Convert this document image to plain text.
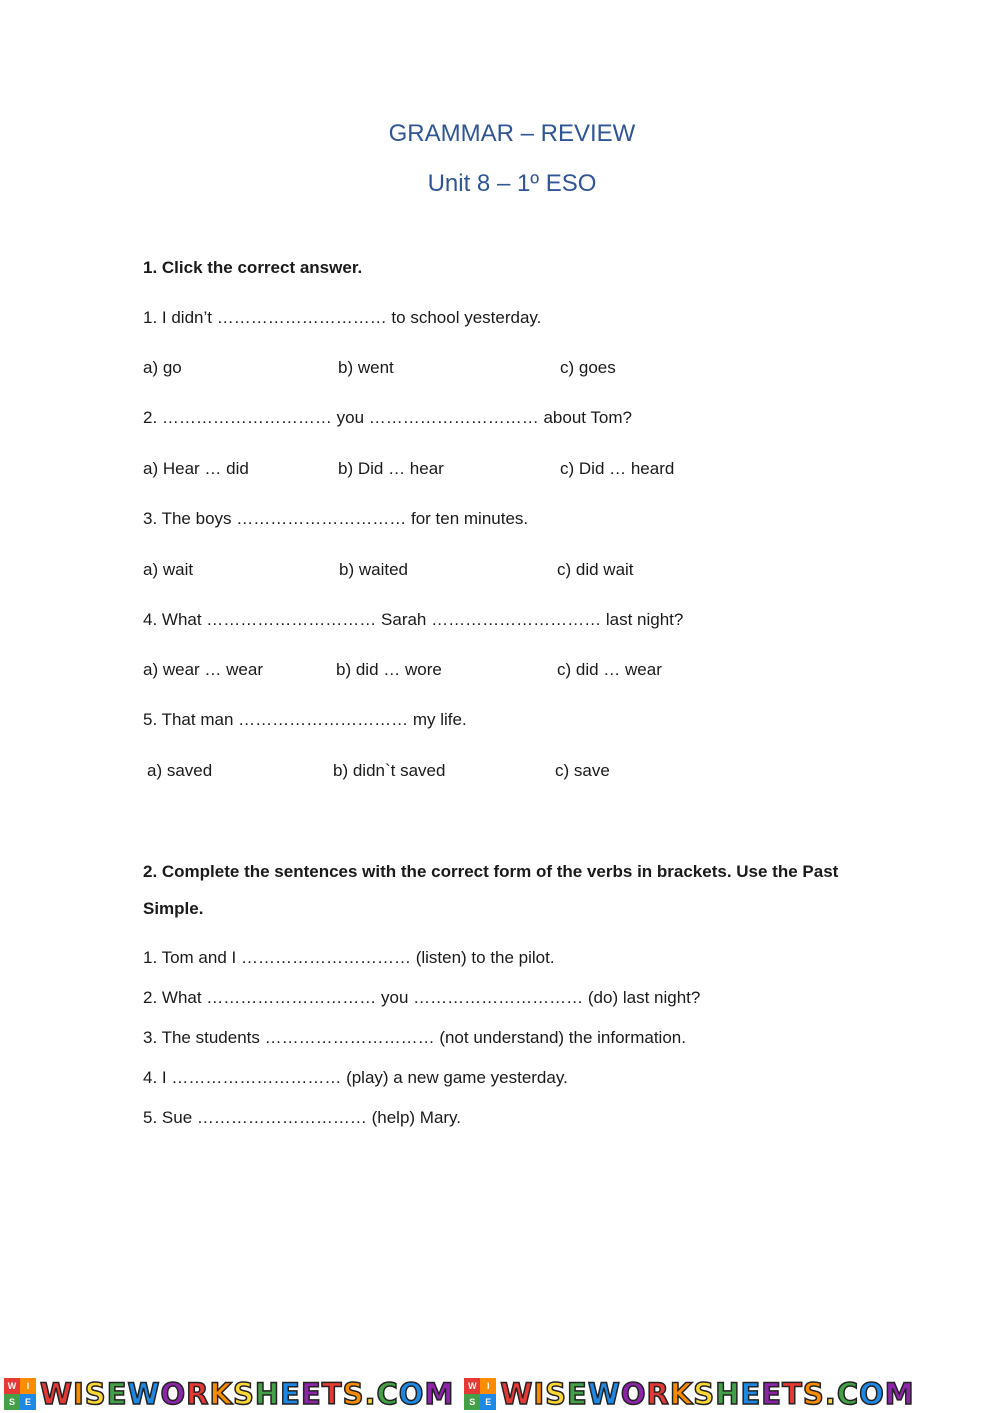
GRAMMAR – REVIEW
Unit 8 – 1º ESO
1. Click the correct answer.
1. I didn’t ………………………… to school yesterday.
a) go	b) went	c) goes
2. ………………………… you ………………………… about Tom?
a) Hear … did	b) Did … hear	c) Did … heard
3. The boys ………………………… for ten minutes.
a) wait	b) waited	c) did wait
4. What ………………………… Sarah ………………………… last night?
a) wear … wear	b) did … wore	c) did … wear
5. That man ………………………… my life.
a) saved	b) didn`t saved	c) save
2. Complete the sentences with the correct form of the verbs in brackets. Use the Past
Simple.
1. Tom and I ………………………… (listen) to the pilot.
2. What ………………………… you ………………………… (do) last night?
3. The students ………………………… (not understand) the information.
4. I ………………………… (play) a new game yesterday.
5. Sue ………………………… (help) Mary.
W	I
S	E WISEWORKSHEETS.COM	W	I
S	E WISEWORKSHEETS.COM
